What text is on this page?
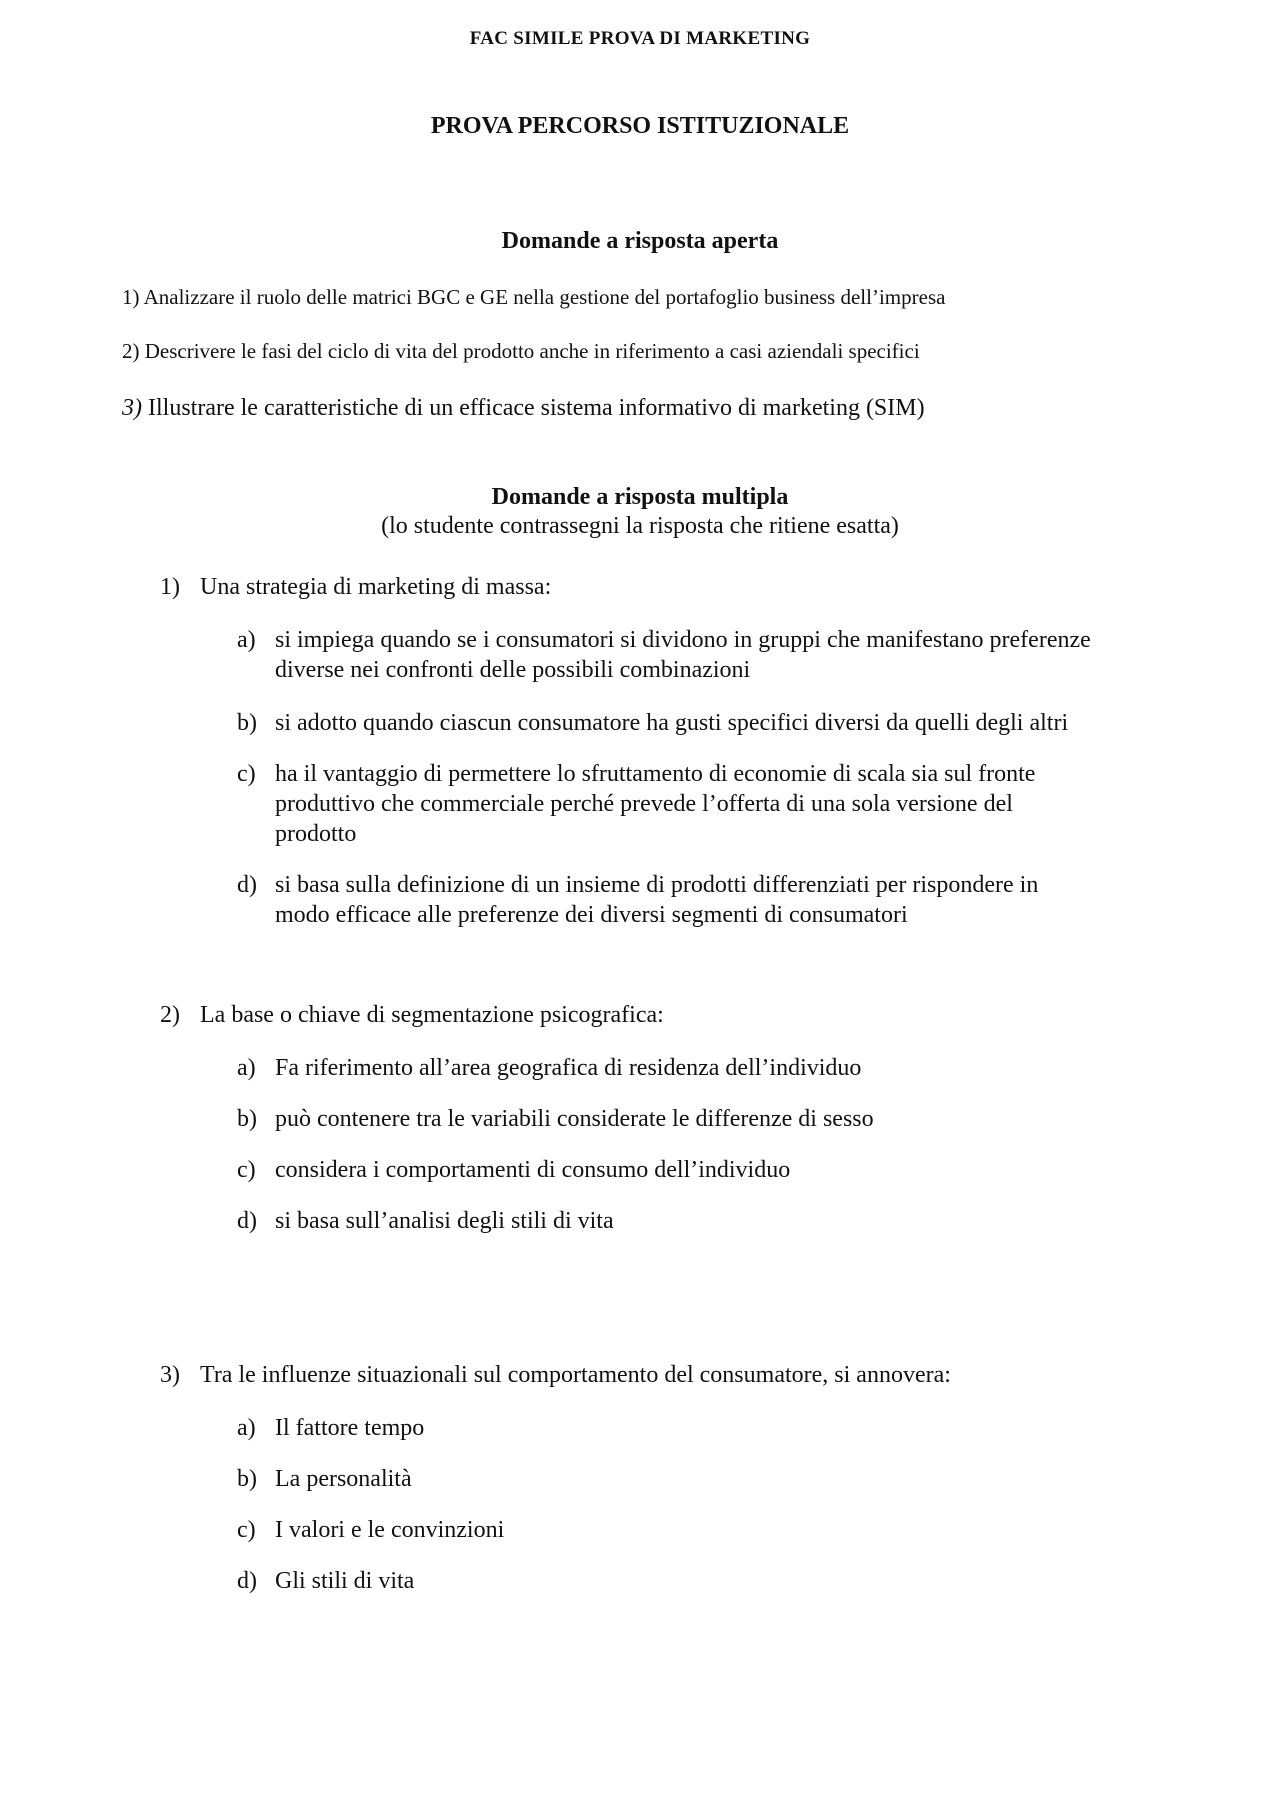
FAC SIMILE PROVA DI MARKETING
PROVA PERCORSO ISTITUZIONALE
Domande a risposta aperta
1) Analizzare il ruolo delle matrici BGC e GE nella gestione del portafoglio business dell’impresa
2) Descrivere le fasi del ciclo di vita del prodotto anche in riferimento a casi aziendali specifici
3) Illustrare le caratteristiche di un efficace sistema informativo di marketing (SIM)
Domande a risposta multipla
(lo studente contrassegni la risposta che ritiene esatta)
1) Una strategia di marketing di massa:
a) si impiega quando se i consumatori si dividono in gruppi che manifestano preferenze
diverse nei confronti delle possibili combinazioni
b) si adotto quando ciascun consumatore ha gusti specifici diversi da quelli degli altri
c) ha il vantaggio di permettere lo sfruttamento di economie di scala sia sul fronte
produttivo che commerciale perché prevede l’offerta di una sola versione del
prodotto
d) si basa sulla definizione di un insieme di prodotti differenziati per rispondere in
modo efficace alle preferenze dei diversi segmenti di consumatori
2) La base o chiave di segmentazione psicografica:
a) Fa riferimento all’area geografica di residenza dell’individuo
b) può contenere tra le variabili considerate le differenze di sesso
c) considera i comportamenti di consumo dell’individuo
d) si basa sull’analisi degli stili di vita
3) Tra le influenze situazionali sul comportamento del consumatore, si annovera:
a) Il fattore tempo
b) La personalità
c) I valori e le convinzioni
d) Gli stili di vita
